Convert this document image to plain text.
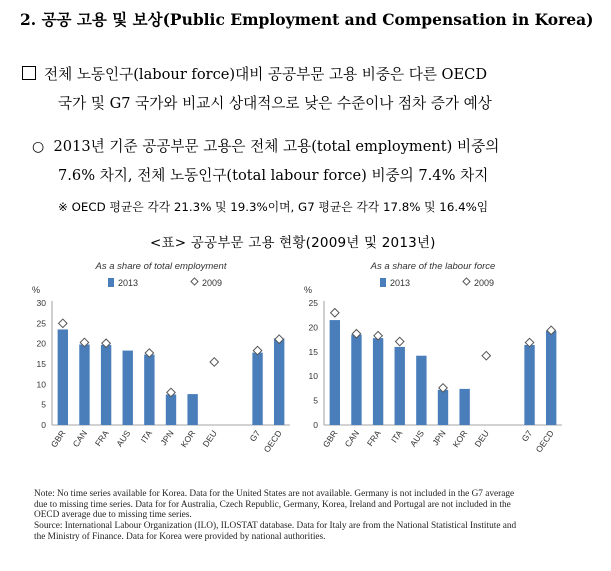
2. 공공 고용 및 보상(Public Employment and Compensation in Korea)
전체 노동인구(labour force)대비 공공부문 고용 비중은 다른 OECD
국가 및 G7 국가와 비교시 상대적으로 낮은 수준이나 점차 증가 예상
○ 2013년 기준 공공부문 고용은 전체 고용(total employment) 비중의
7.6% 차지, 전체 노동인구(total labour force) 비중의 7.4% 차지
※ OECD 평균은 각각 21.3% 및 19.3%이며, G7 평균은 각각 17.8% 및 16.4%임
<표> 공공부문 고용 현황(2009년 및 2013년)
As a share of total employment
2013	2009
%
0
5
10
15
20
25
30
GBR CAN FRA AUS ITA JPN KOR DEU	G7 OECD
As a share of the labour force
2013	2009
%
0
5
10
15
20
25
GBR CAN FRA ITA AUS JPN KOR DEU	G7 OECD
Note: No time series available for Korea. Data for the United States are not available. Germany is not included in the G7 average
due to missing time series. Data for for Australia, Czech Republic, Germany, Korea, Ireland and Portugal are not included in the
OECD average due to missing time series.
Source: International Labour Organization (ILO), ILOSTAT database. Data for Italy are from the National Statistical Institute and
the Ministry of Finance. Data for Korea were provided by national authorities.
